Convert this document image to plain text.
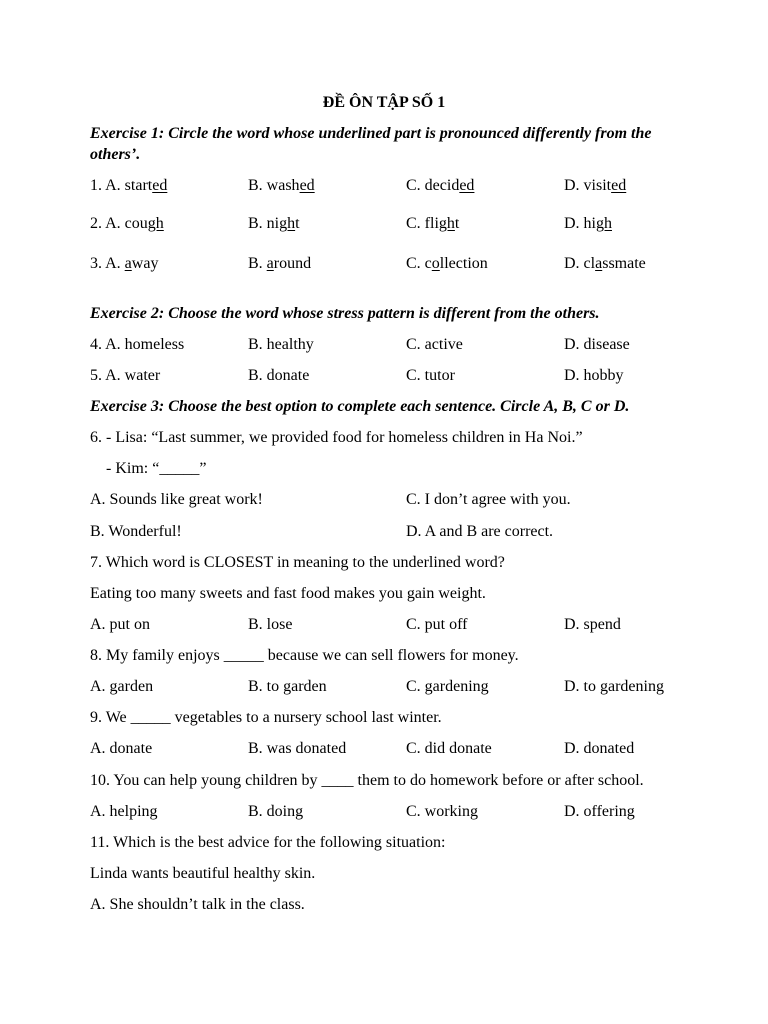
ĐỀ ÔN TẬP SỐ 1
Exercise 1: Circle the word whose underlined part is pronounced differently from the
others’.
1. A. started	B. washed	C. decided	D. visited
2. A. cough	B. night	C. flight	D. high
3. A. away	B. around	C. collection	D. classmate
Exercise 2: Choose the word whose stress pattern is different from the others.
4. A. homeless	B. healthy	C. active	D. disease
5. A. water	B. donate	C. tutor	D. hobby
Exercise 3: Choose the best option to complete each sentence. Circle A, B, C or D.
6. - Lisa: “Last summer, we provided food for homeless children in Ha Noi.”
- Kim: “_____”
A. Sounds like great work!	C. I don’t agree with you.
B. Wonderful!	D. A and B are correct.
7. Which word is CLOSEST in meaning to the underlined word?
Eating too many sweets and fast food makes you gain weight.
A. put on	B. lose	C. put off	D. spend
8. My family enjoys _____ because we can sell flowers for money.
A. garden	B. to garden	C. gardening	D. to gardening
9. We _____ vegetables to a nursery school last winter.
A. donate	B. was donated	C. did donate	D. donated
10. You can help young children by ____ them to do homework before or after school.
A. helping	B. doing	C. working	D. offering
11. Which is the best advice for the following situation:
Linda wants beautiful healthy skin.
A. She shouldn’t talk in the class.
